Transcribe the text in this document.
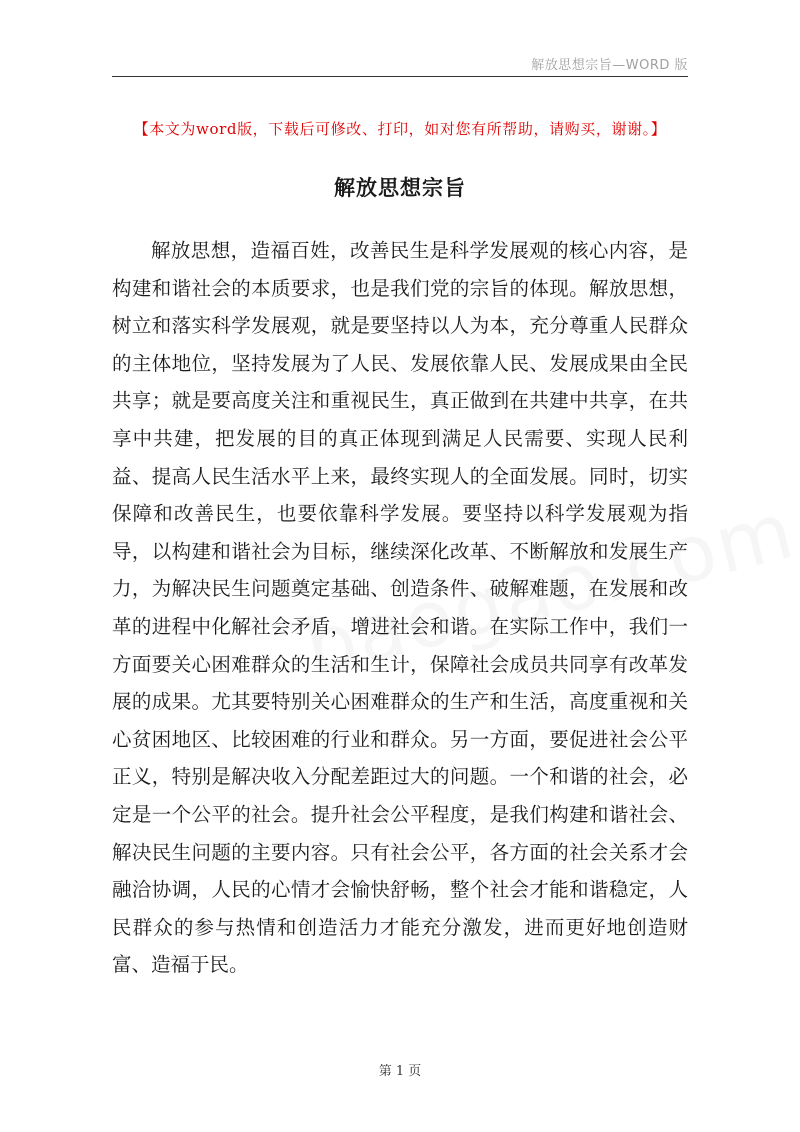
解放思想宗旨—WORD 版
【本文为word版，下载后可修改、打印，如对您有所帮助，请购买，谢谢。】
解放思想宗旨

解放思想，造福百姓，改善民生是科学发展观的核心内容，是构建和谐社会的本质要求，也是我们党的宗旨的体现。解放思想，树立和落实科学发展观，就是要坚持以人为本，充分尊重人民群众的主体地位，坚持发展为了人民、发展依靠人民、发展成果由全民共享；就是要高度关注和重视民生，真正做到在共建中共享，在共享中共建，把发展的目的真正体现到满足人民需要、实现人民利益、提高人民生活水平上来，最终实现人的全面发展。同时，切实保障和改善民生，也要依靠科学发展。要坚持以科学发展观为指导，以构建和谐社会为目标，继续深化改革、不断解放和发展生产力，为解决民生问题奠定基础、创造条件、破解难题，在发展和改革的进程中化解社会矛盾，增进社会和谐。在实际工作中，我们一方面要关心困难群众的生活和生计，保障社会成员共同享有改革发展的成果。尤其要特别关心困难群众的生产和生活，高度重视和关心贫困地区、比较困难的行业和群众。另一方面，要促进社会公平正义，特别是解决收入分配差距过大的问题。一个和谐的社会，必定是一个公平的社会。提升社会公平程度，是我们构建和谐社会、解决民生问题的主要内容。只有社会公平，各方面的社会关系才会融洽协调，人民的心情才会愉快舒畅，整个社会才能和谐稳定，人民群众的参与热情和创造活力才能充分激发，进而更好地创造财富、造福于民。

第 1 页
